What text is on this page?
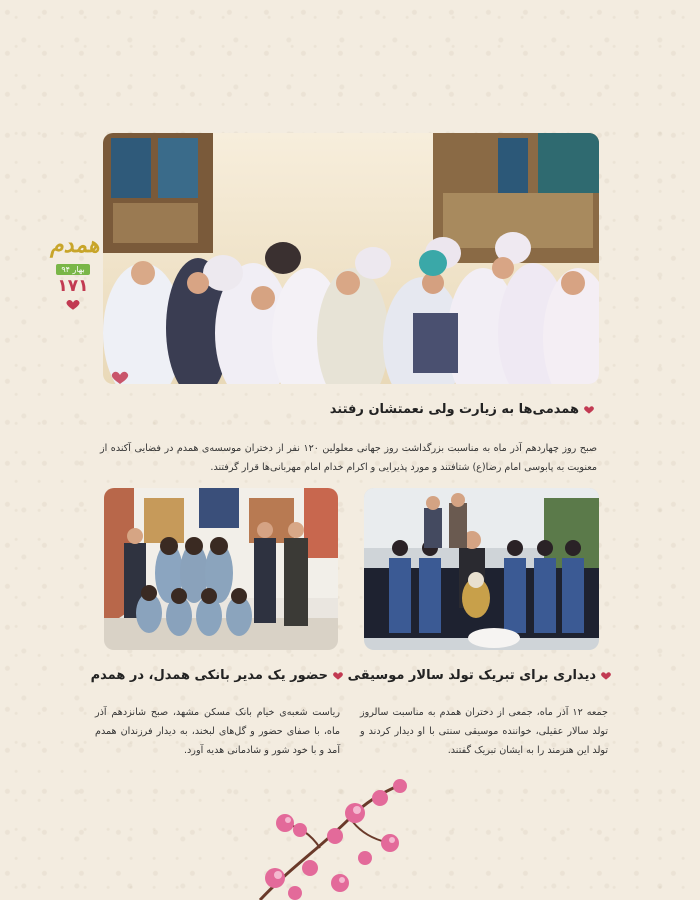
همدم
بهار ۹۴
۱۷۱
همدمی‌ها به زیارت ولی نعمتشان رفتند
صبح روز چهاردهم آذر ماه به مناسبت بزرگداشت روز جهانی معلولین ۱۲۰ نفر از دختران موسسه‌ی همدم در فضایی آکنده از معنویت به پابوسی امام رضا(ع) شتافتند و مورد پذیرایی و اکرام خدام امام مهربانی‌ها قرار گرفتند.
دیداری برای تبریک تولد سالار موسیقی
جمعه ۱۲ آذر ماه، جمعی از دختران همدم به مناسبت سالروز تولد سالار عقیلی، خواننده موسیقی سنتی با او دیدار کردند و تولد این هنرمند را به ایشان تبریک گفتند.
حضور یک مدیر بانکی همدل، در همدم
ریاست شعبه‌ی خیام بانک مسکن مشهد، صبح شانزدهم آذر ماه، با صفای حضور و گل‌های لبخند، به دیدار فرزندان همدم آمد و با خود شور و شادمانی هدیه آورد.
